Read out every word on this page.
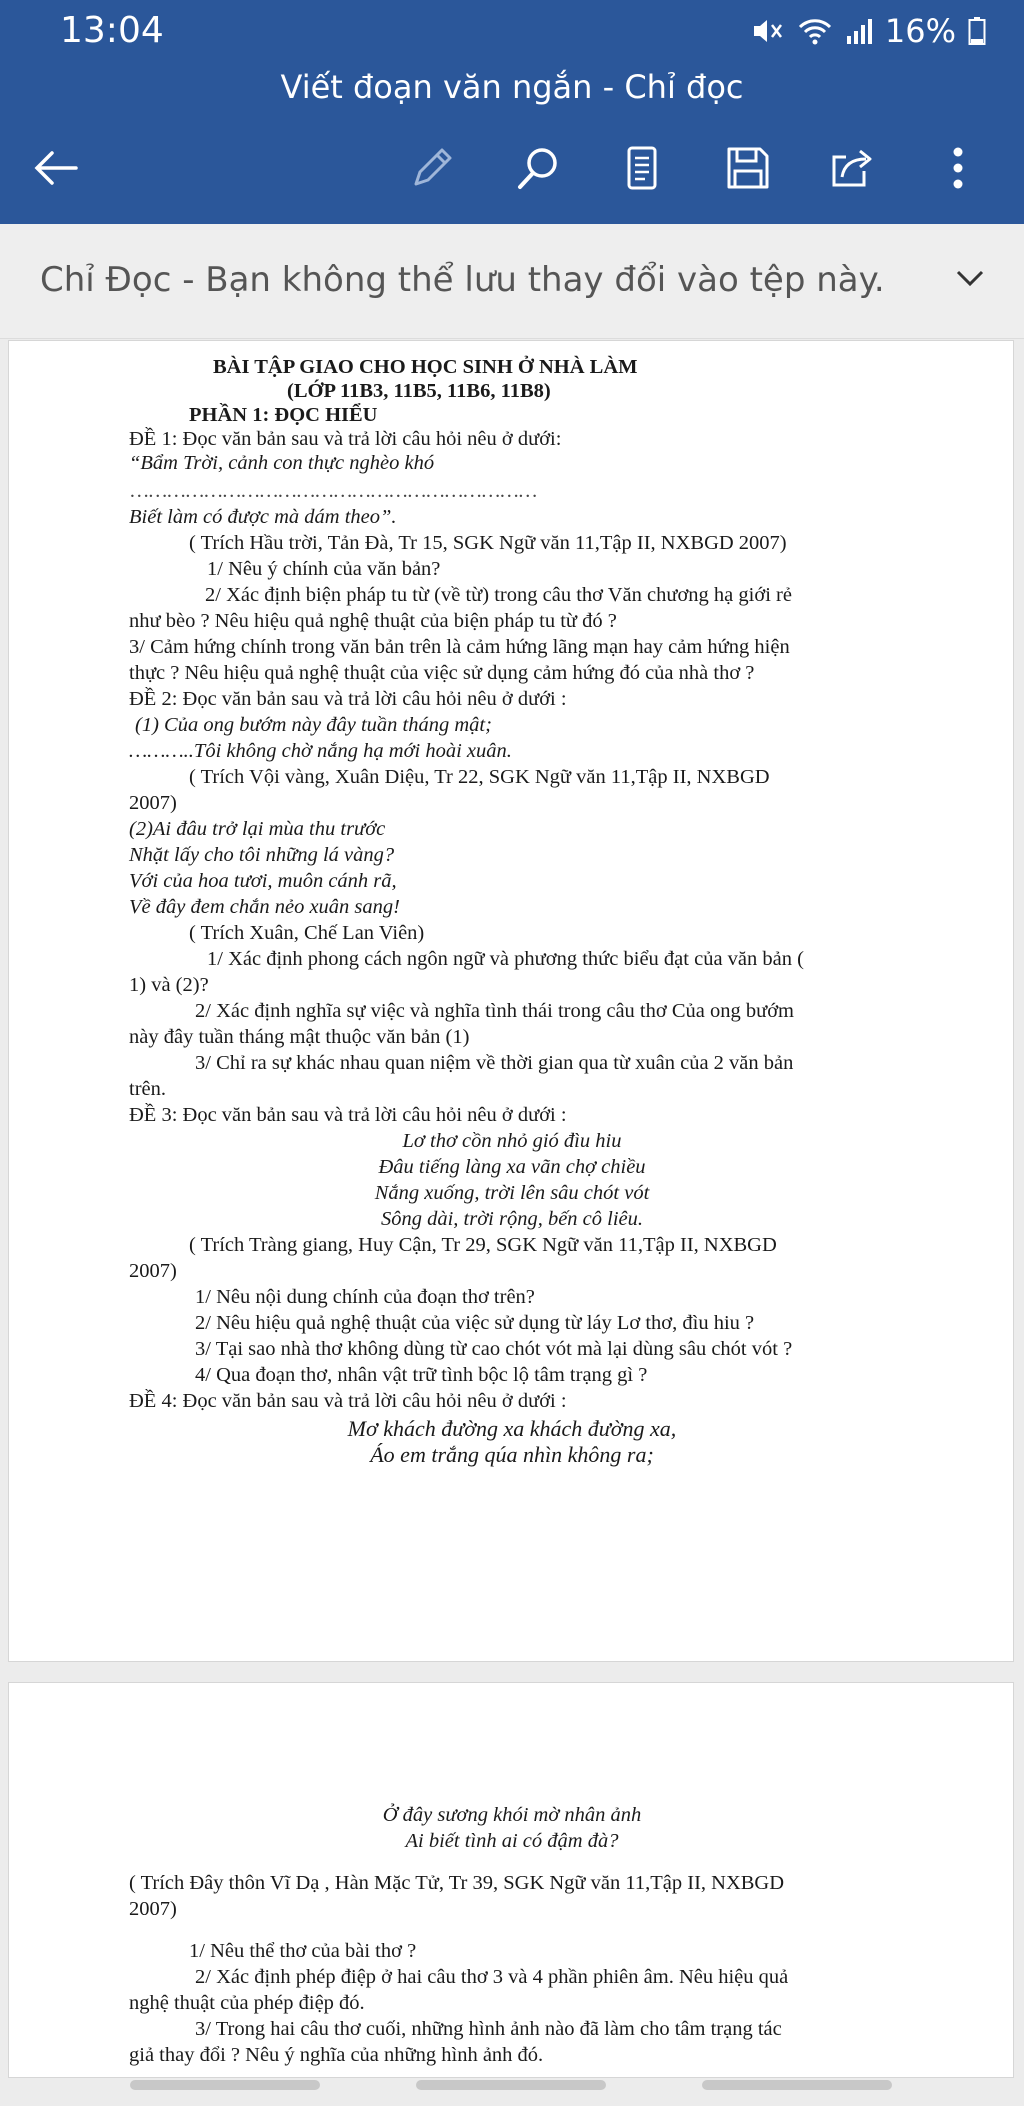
13:04	16%
Viết đoạn văn ngắn - Chỉ đọc
Chỉ Đọc - Bạn không thể lưu thay đổi vào tệp này.
BÀI TẬP GIAO CHO HỌC SINH Ở NHÀ LÀM
(LỚP 11B3, 11B5, 11B6, 11B8)
PHẦN 1: ĐỌC HIỂU
ĐỀ 1: Đọc văn bản sau và trả lời câu hỏi nêu ở dưới:
“Bẩm Trời, cảnh con thực nghèo khó
…………………………………………………………
Biết làm có được mà dám theo”.
( Trích Hầu trời, Tản Đà, Tr 15, SGK Ngữ văn 11,Tập II, NXBGD 2007)
1/ Nêu ý chính của văn bản?
2/ Xác định biện pháp tu từ (về từ) trong câu thơ Văn chương hạ giới rẻ
như bèo ? Nêu hiệu quả nghệ thuật của biện pháp tu từ đó ?
3/ Cảm hứng chính trong văn bản trên là cảm hứng lãng mạn hay cảm hứng hiện
thực ? Nêu hiệu quả nghệ thuật của việc sử dụng cảm hứng đó của nhà thơ ?
ĐỀ 2: Đọc văn bản sau và trả lời câu hỏi nêu ở dưới :
(1) Của ong bướm này đây tuần tháng mật;
………..Tôi không chờ nắng hạ mới hoài xuân.
( Trích Vội vàng, Xuân Diệu, Tr 22, SGK Ngữ văn 11,Tập II, NXBGD
2007)
(2)Ai đâu trở lại mùa thu trước
Nhặt lấy cho tôi những lá vàng?
Với của hoa tươi, muôn cánh rã,
Về đây đem chắn nẻo xuân sang!
( Trích Xuân, Chế Lan Viên)
1/ Xác định phong cách ngôn ngữ và phương thức biểu đạt của văn bản (
1) và (2)?
2/ Xác định nghĩa sự việc và nghĩa tình thái trong câu thơ Của ong bướm
này đây tuần tháng mật thuộc văn bản (1)
3/ Chỉ ra sự khác nhau quan niệm về thời gian qua từ xuân của 2 văn bản
trên.
ĐỀ 3: Đọc văn bản sau và trả lời câu hỏi nêu ở dưới :
Lơ thơ cồn nhỏ gió đìu hiu
Đâu tiếng làng xa vãn chợ chiều
Nắng xuống, trời lên sâu chót vót
Sông dài, trời rộng, bến cô liêu.
( Trích Tràng giang, Huy Cận, Tr 29, SGK Ngữ văn 11,Tập II, NXBGD
2007)
1/ Nêu nội dung chính của đoạn thơ trên?
2/ Nêu hiệu quả nghệ thuật của việc sử dụng từ láy Lơ thơ, đìu hiu ?
3/ Tại sao nhà thơ không dùng từ cao chót vót mà lại dùng sâu chót vót ?
4/ Qua đoạn thơ, nhân vật trữ tình bộc lộ tâm trạng gì ?
ĐỀ 4: Đọc văn bản sau và trả lời câu hỏi nêu ở dưới :
Mơ khách đường xa khách đường xa,
Áo em trắng qúa nhìn không ra;
Ở đây sương khói mờ nhân ảnh
Ai biết tình ai có đậm đà?
( Trích Đây thôn Vĩ Dạ , Hàn Mặc Tử, Tr 39, SGK Ngữ văn 11,Tập II, NXBGD
2007)
1/ Nêu thể thơ của bài thơ ?
2/ Xác định phép điệp ở hai câu thơ 3 và 4 phần phiên âm. Nêu hiệu quả
nghệ thuật của phép điệp đó.
3/ Trong hai câu thơ cuối, những hình ảnh nào đã làm cho tâm trạng tác
giả thay đổi ? Nêu ý nghĩa của những hình ảnh đó.
